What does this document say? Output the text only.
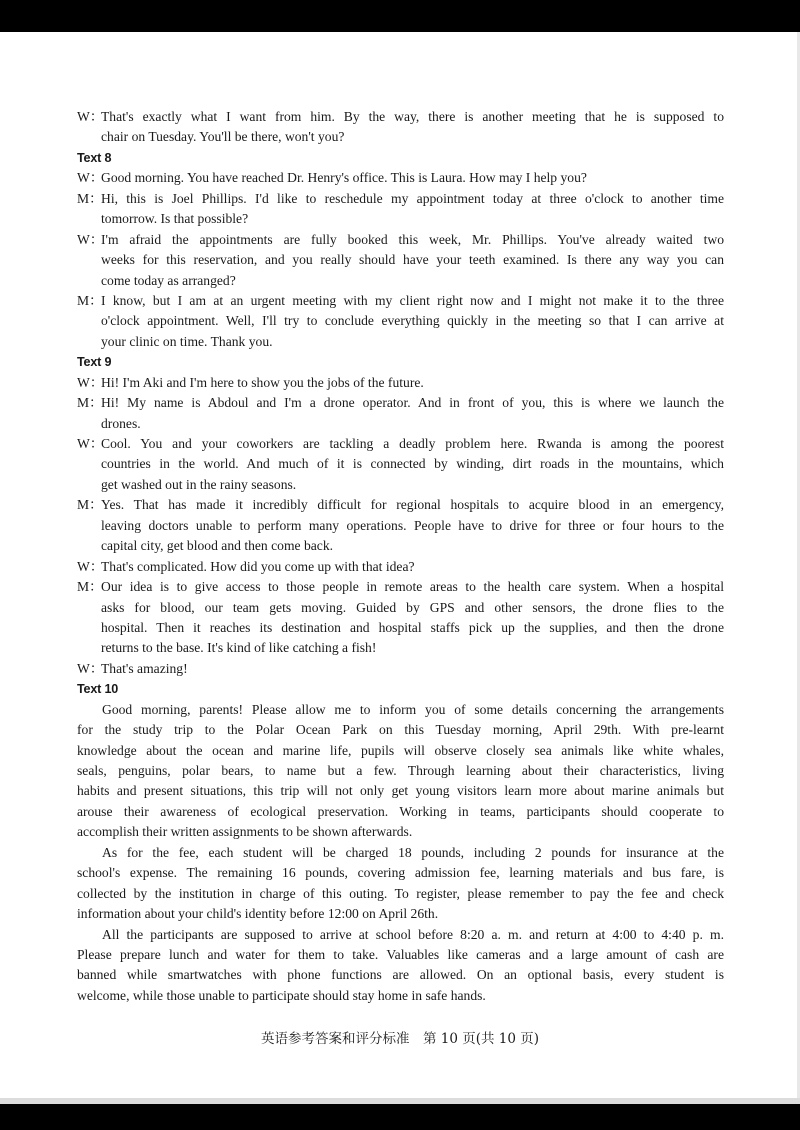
W：
That's exactly what I want from him. By the way, there is another meeting that he is supposed to
chair on Tuesday. You'll be there, won't you?
Text 8
W：
Good morning. You have reached Dr. Henry's office. This is Laura. How may I help you?
M：
Hi, this is Joel Phillips. I'd like to reschedule my appointment today at three o'clock to another time
tomorrow. Is that possible?
W：
I'm afraid the appointments are fully booked this week, Mr. Phillips. You've already waited two
weeks for this reservation, and you really should have your teeth examined. Is there any way you can
come today as arranged?
M：
I know, but I am at an urgent meeting with my client right now and I might not make it to the three
o'clock appointment. Well, I'll try to conclude everything quickly in the meeting so that I can arrive at
your clinic on time. Thank you.
Text 9
W：
Hi! I'm Aki and I'm here to show you the jobs of the future.
M：
Hi! My name is Abdoul and I'm a drone operator. And in front of you, this is where we launch the
drones.
W：
Cool. You and your coworkers are tackling a deadly problem here. Rwanda is among the poorest
countries in the world. And much of it is connected by winding, dirt roads in the mountains, which
get washed out in the rainy seasons.
M：
Yes. That has made it incredibly difficult for regional hospitals to acquire blood in an emergency,
leaving doctors unable to perform many operations. People have to drive for three or four hours to the
capital city, get blood and then come back.
W：
That's complicated. How did you come up with that idea?
M：
Our idea is to give access to those people in remote areas to the health care system. When a hospital
asks for blood, our team gets moving. Guided by GPS and other sensors, the drone flies to the
hospital. Then it reaches its destination and hospital staffs pick up the supplies, and then the drone
returns to the base. It's kind of like catching a fish!
W：
That's amazing!
Text 10
Good morning, parents! Please allow me to inform you of some details concerning the arrangements
for the study trip to the Polar Ocean Park on this Tuesday morning, April 29th. With pre-learnt
knowledge about the ocean and marine life, pupils will observe closely sea animals like white whales,
seals, penguins, polar bears, to name but a few. Through learning about their characteristics, living
habits and present situations, this trip will not only get young visitors learn more about marine animals but
arouse their awareness of ecological preservation. Working in teams, participants should cooperate to
accomplish their written assignments to be shown afterwards.
As for the fee, each student will be charged 18 pounds, including 2 pounds for insurance at the
school's expense. The remaining 16 pounds, covering admission fee, learning materials and bus fare, is
collected by the institution in charge of this outing. To register, please remember to pay the fee and check
information about your child's identity before 12:00 on April 26th.
All the participants are supposed to arrive at school before 8:20 a. m. and return at 4:00 to 4:40 p. m.
Please prepare lunch and water for them to take. Valuables like cameras and a large amount of cash are
banned while smartwatches with phone functions are allowed. On an optional basis, every student is
welcome, while those unable to participate should stay home in safe hands.
英语参考答案和评分标准　第 10 页(共 10 页)
